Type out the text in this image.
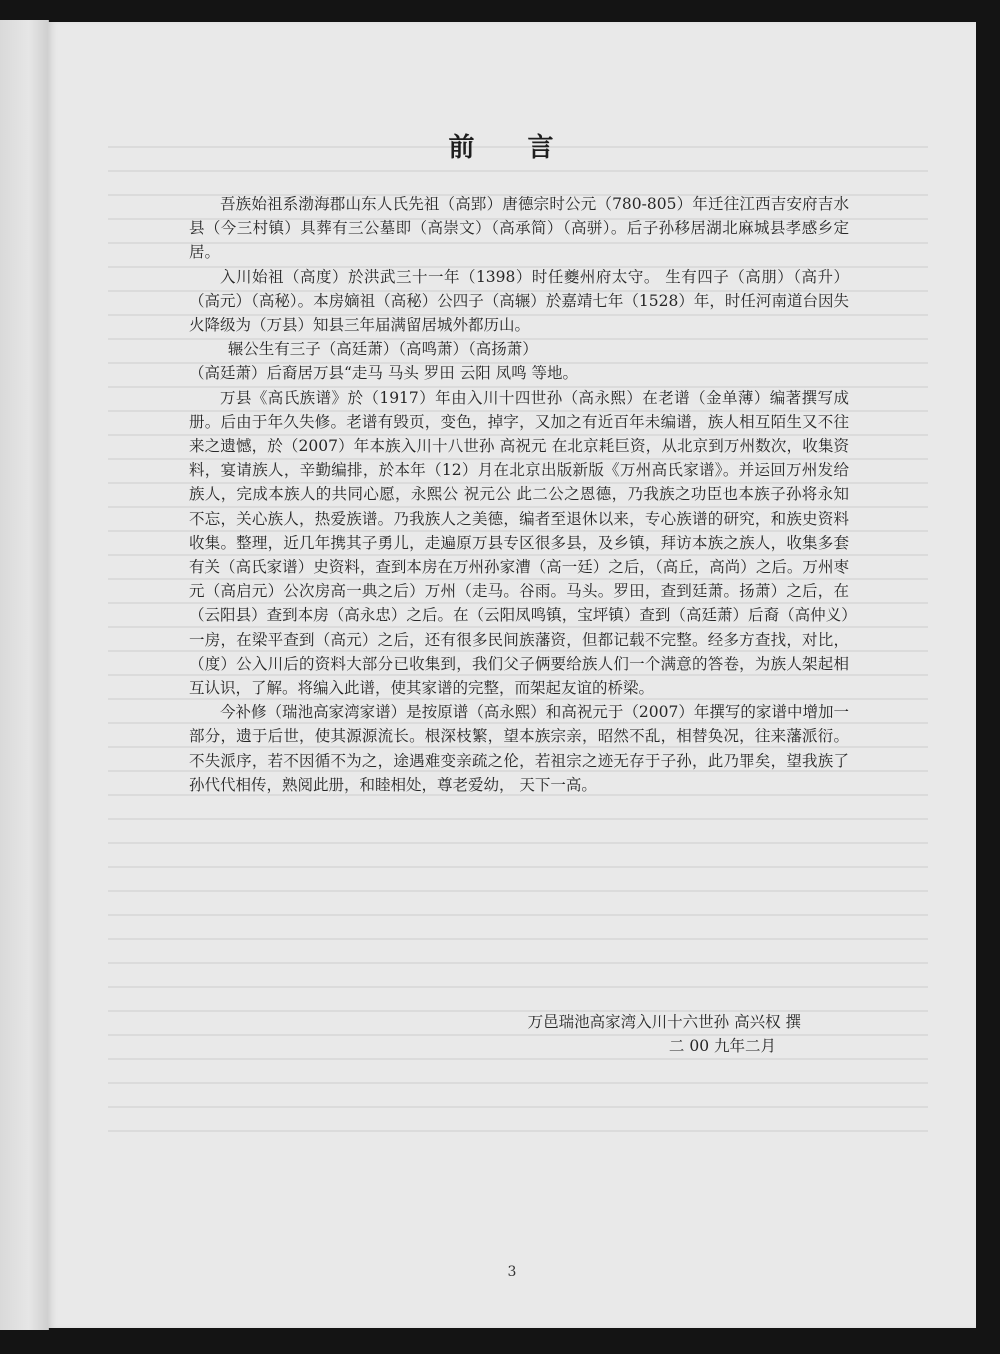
前 言

吾族始祖系渤海郡山东人氏先祖（高郢）唐德宗时公元（780-805）年迁往江西吉安府吉水县（今三村镇）具葬有三公墓即（高崇文）（高承简）（高骈）。后子孙移居湖北麻城县孝感乡定居。

入川始祖（高度）於洪武三十一年（1398）时任夔州府太守。 生有四子（高朋）（高升）（高元）（高秘）。本房嫡祖（高秘）公四子（高辗）於嘉靖七年（1528）年，时任河南道台因失火降级为（万县）知县三年届满留居城外都历山。

辗公生有三子（高廷萧）（高鸣萧）（高扬萧）

（高廷萧）后裔居万县“走马 马头 罗田 云阳 凤鸣 等地。

万县《高氏族谱》於（1917）年由入川十四世孙（高永熙）在老谱（金单薄）编著撰写成册。后由于年久失修。老谱有毁页，变色，掉字，又加之有近百年未编谱，族人相互陌生又不往来之遗憾，於（2007）年本族入川十八世孙 高祝元 在北京耗巨资，从北京到万州数次，收集资料，宴请族人，辛勤编排，於本年（12）月在北京出版新版《万州高氏家谱》。并运回万州发给族人，完成本族人的共同心愿，永熙公 祝元公 此二公之恩德，乃我族之功臣也本族子孙将永知不忘，关心族人，热爱族谱。乃我族人之美德，编者至退休以来，专心族谱的研究，和族史资料收集。整理，近几年携其子勇儿，走遍原万县专区很多县，及乡镇，拜访本族之族人，收集多套有关（高氏家谱）史资料，查到本房在万州孙家漕（高一廷）之后，（高丘，高尚）之后。万州枣元（高启元）公次房高一典之后）万州（走马。谷雨。马头。罗田，查到廷萧。扬萧）之后，在（云阳县）查到本房（高永忠）之后。在（云阳凤鸣镇，宝坪镇）查到（高廷萧）后裔（高仲义）一房，在梁平查到（高元）之后，还有很多民间族藩资，但都记载不完整。经多方查找，对比，（度）公入川后的资料大部分已收集到，我们父子俩要给族人们一个满意的答卷，为族人架起相互认识，了解。将编入此谱，使其家谱的完整，而架起友谊的桥梁。

今补修（瑞池高家湾家谱）是按原谱（高永熙）和高祝元于（2007）年撰写的家谱中增加一部分，遗于后世，使其源源流长。根深枝繁，望本族宗亲，昭然不乱，相替奂况，往来藩派衍。不失派序，若不因循不为之，途遇难变亲疏之伦，若祖宗之迹无存于子孙，此乃罪矣，望我族了孙代代相传，熟阅此册，和睦相处，尊老爱幼， 天下一高。

万邑瑞池高家湾入川十六世孙 高兴权 撰
二 00 九年二月
3
